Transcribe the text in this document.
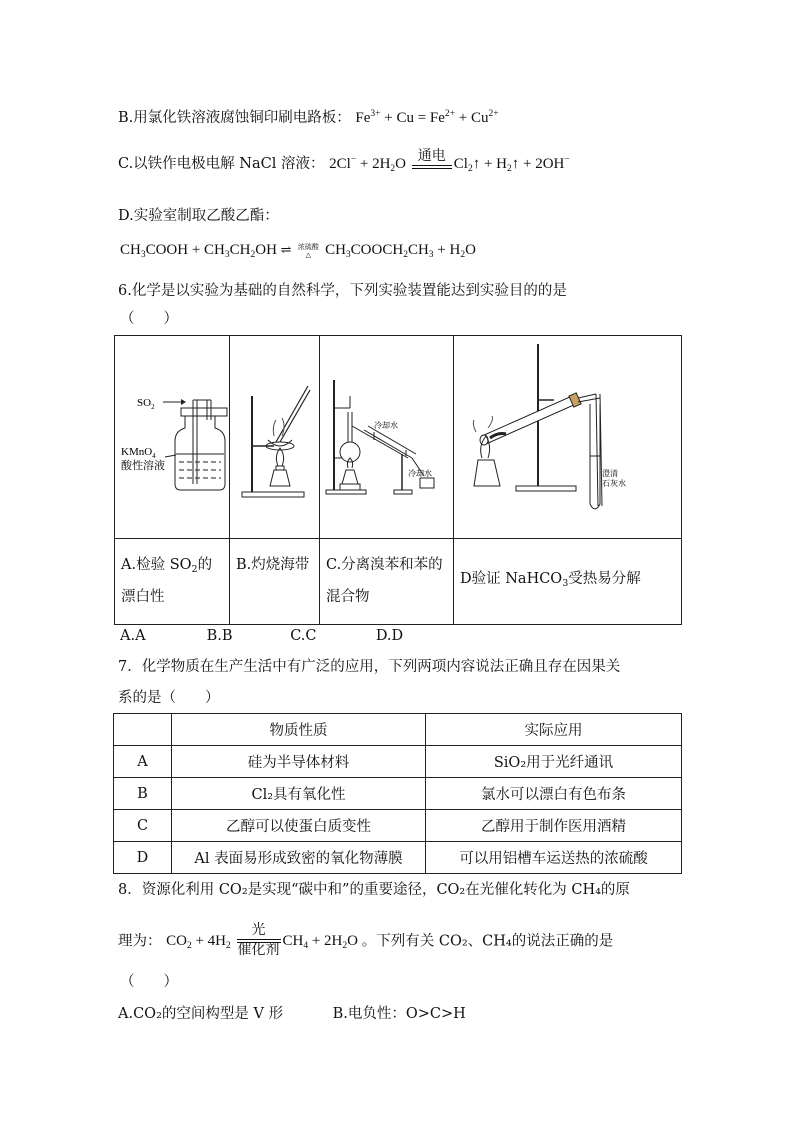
B.用氯化铁溶液腐蚀铜印刷电路板： $Fe^{3+} + Cu = Fe^{2+} + Cu^{2+}$
C.以铁作电极电解 NaCl 溶液： $2Cl^- + 2H_2O$ 通电 $Cl_2↑$ + $H_2↑ + 2OH^-$
D.实验室制取乙酸乙酯：
$CH_3COOH + CH_3CH_2OH$ ⇌ 浓硫酸
△ $CH_3COOCH_2CH_3 + H_2O$
6.化学是以实验为基础的自然科学，下列实验装置能达到实验目的的是
（　　）
$SO_2$
KMnO$_4$
酸性溶液		冷却水
冷却水	澄清
石灰水

A.检验 $SO_2$的
漂白性	B.灼烧海带	C.分离溴苯和苯的混合物	D验证 NaHCO$_3$受热易分解
A.A	B.B	C.C	D.D
7．化学物质在生产生活中有广泛的应用，下列两项内容说法正确且存在因果关
系的是（　　）
	物质性质	实际应用
A	硅为半导体材料	SiO₂用于光纤通讯
B	Cl₂具有氧化性	氯水可以漂白有色布条
C	乙醇可以使蛋白质变性	乙醇用于制作医用酒精
D	Al 表面易形成致密的氧化物薄膜	可以用铝槽车运送热的浓硫酸
8．资源化利用 CO₂是实现“碳中和”的重要途径，CO₂在光催化转化为 CH₄的原
理为： $CO_2 + 4H_2$
光
催化剂
$CH_4 + 2H_2O$ 。下列有关 CO₂、CH₄的说法正确的是
（　　）
A.CO₂的空间构型是 V 形	B.电负性：O>C>H
